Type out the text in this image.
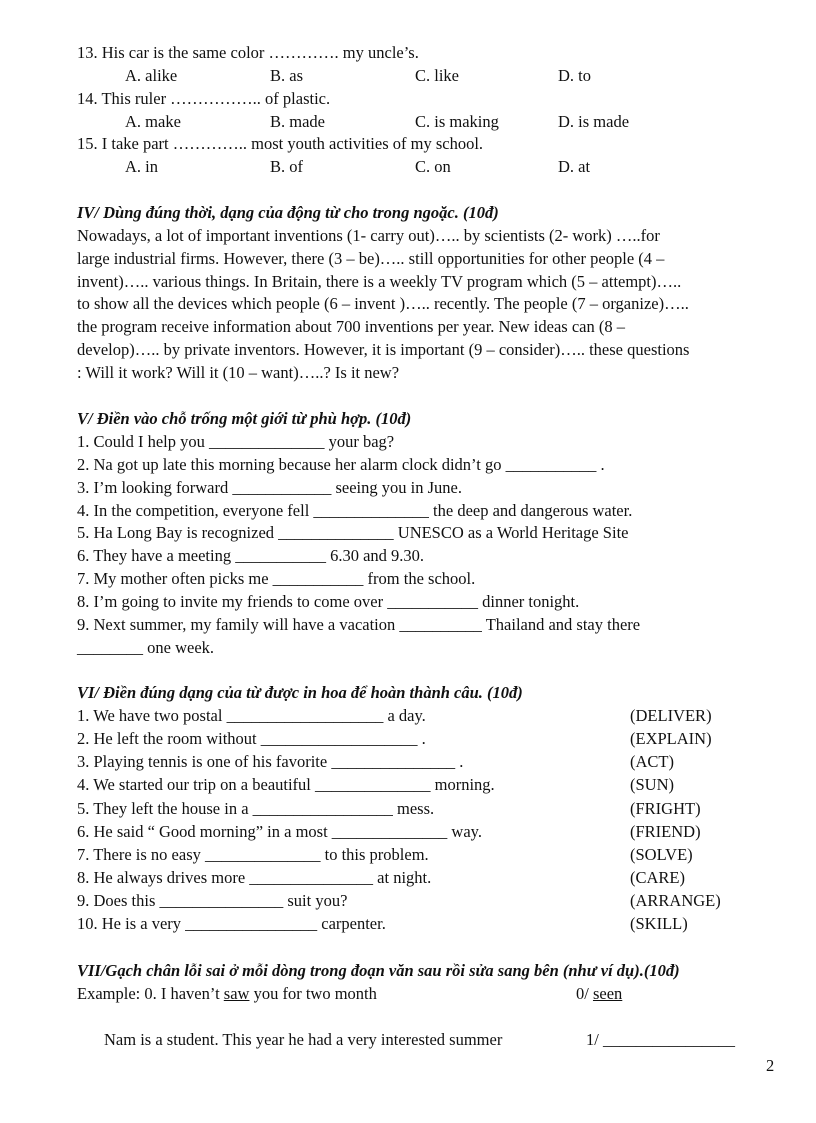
13. His car is the same color …………. my uncle’s.
A. alike	B. as	C. like	D. to
14. This ruler …………….. of plastic.
A. make	B. made	C. is making	D. is made
15. I take part ………….. most youth activities of my school.
A. in	B. of	C. on	D. at
IV/ Dùng đúng thời, dạng của động từ cho trong ngoặc. (10đ)
Nowadays, a lot of important inventions (1- carry out)….. by scientists (2- work) …..for
large industrial firms. However, there (3 – be)….. still opportunities for other people (4 –
invent)….. various things. In Britain, there is a weekly TV program which (5 – attempt)…..
to show all the devices which people (6 – invent )….. recently. The people (7 – organize)…..
the program receive information about 700 inventions per year. New ideas can (8 –
develop)….. by private inventors. However, it is important (9 – consider)….. these questions
: Will it work? Will it (10 – want)…..? Is it new?
V/ Điền vào chỗ trống một giới từ phù hợp. (10đ)
1. Could I help you ______________ your bag?
2. Na got up late this morning because her alarm clock didn’t go ___________ .
3. I’m looking forward ____________ seeing you in June.
4. In the competition, everyone fell ______________ the deep and dangerous water.
5. Ha Long Bay is recognized ______________ UNESCO as a World Heritage Site
6. They have a meeting ___________ 6.30 and 9.30.
7. My mother often picks me ___________ from the school.
8. I’m going to invite my friends to come over ___________ dinner tonight.
9. Next summer, my family will have a vacation __________ Thailand and stay there
________ one week.
VI/ Điền đúng dạng của từ được in hoa để hoàn thành câu. (10đ)
1. We have two postal ___________________ a day.	(DELIVER)
2. He left the room without ___________________ .	(EXPLAIN)
3. Playing tennis is one of his favorite _______________ .	(ACT)
4. We started our trip on a beautiful ______________ morning.	(SUN)
5. They left the house in a _________________ mess.	(FRIGHT)
6. He said “ Good morning” in a most ______________ way.	(FRIEND)
7. There is no easy ______________ to this problem.	(SOLVE)
8. He always drives more _______________ at night.	(CARE)
9. Does this _______________ suit you?	(ARRANGE)
10. He is a very ________________ carpenter.	(SKILL)
VII/Gạch chân lỗi sai ở mỗi dòng trong đoạn văn sau rồi sửa sang bên (như ví dụ).(10đ)
Example: 0. I haven’t saw you for two month	0/ seen
Nam is a student. This year he had a very interested summer	1/ ________________
2
